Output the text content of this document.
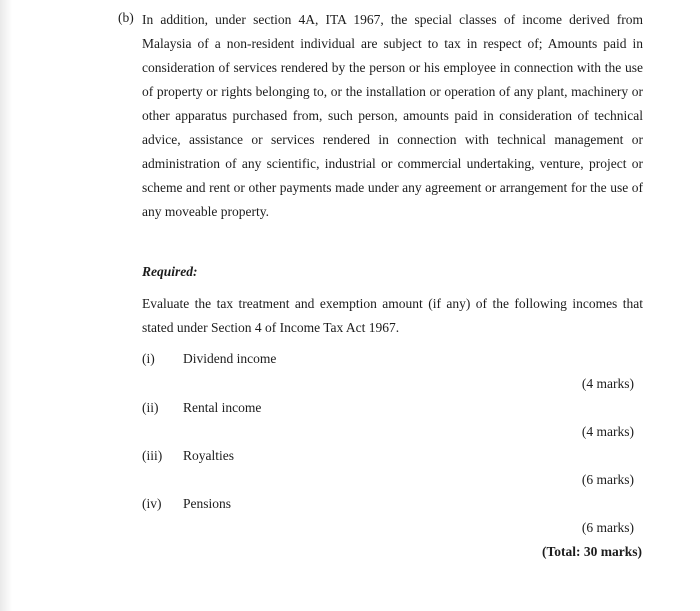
(b) In addition, under section 4A, ITA 1967, the special classes of income derived from Malaysia of a non-resident individual are subject to tax in respect of; Amounts paid in consideration of services rendered by the person or his employee in connection with the use of property or rights belonging to, or the installation or operation of any plant, machinery or other apparatus purchased from, such person, amounts paid in consideration of technical advice, assistance or services rendered in connection with technical management or administration of any scientific, industrial or commercial undertaking, venture, project or scheme and rent or other payments made under any agreement or arrangement for the use of any moveable property.

Required:

Evaluate the tax treatment and exemption amount (if any) of the following incomes that stated under Section 4 of Income Tax Act 1967.

(i) Dividend income
(4 marks)
(ii) Rental income
(4 marks)
(iii) Royalties
(6 marks)
(iv) Pensions
(6 marks)
(Total: 30 marks)
